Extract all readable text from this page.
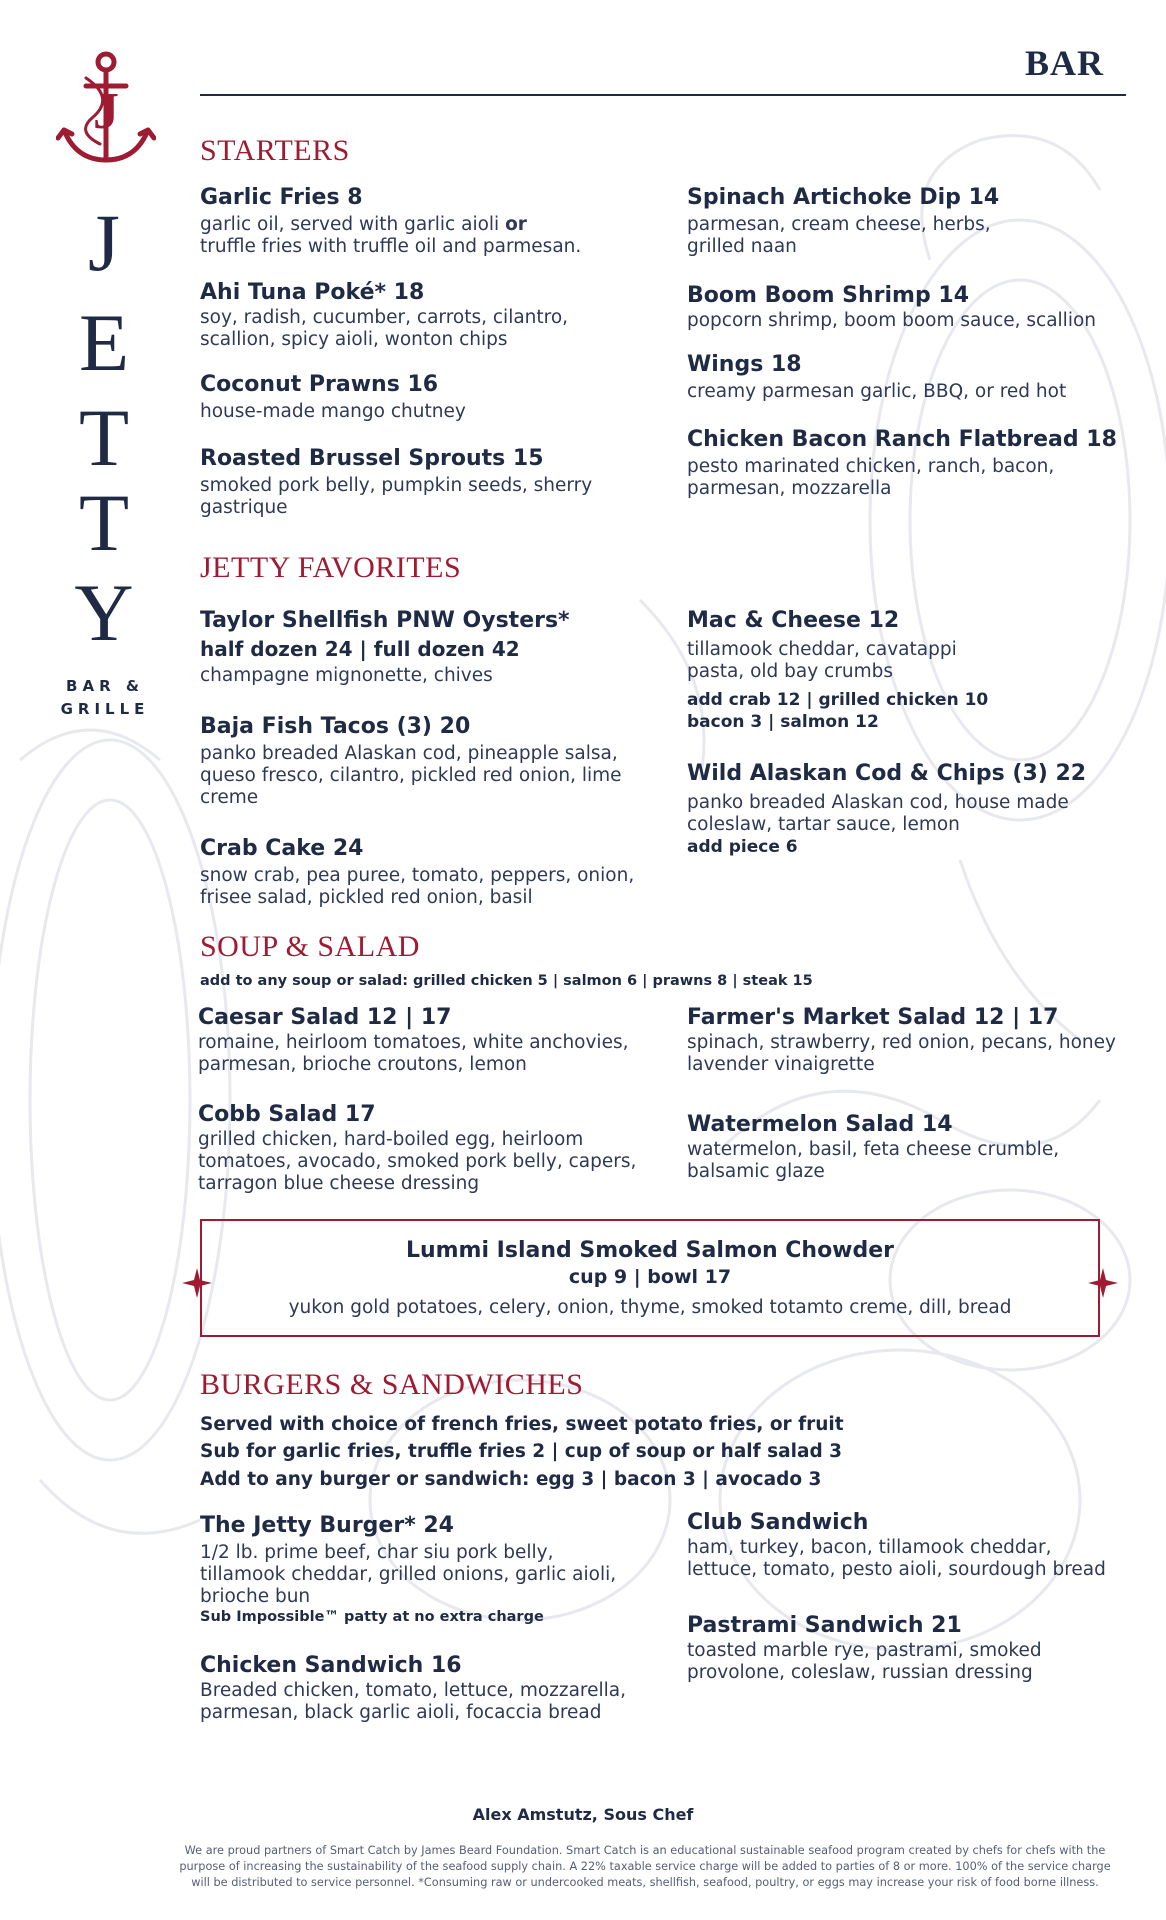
J
J
E
T
T
Y
BAR &
GRILLE
BAR
STARTERS
Garlic Fries 8
garlic oil, served with garlic aioli or
truffle fries with truffle oil and parmesan.
Ahi Tuna Poké* 18
soy, radish, cucumber, carrots, cilantro, scallion, spicy aioli, wonton chips
Coconut Prawns 16
house-made mango chutney
Roasted Brussel Sprouts 15
smoked pork belly, pumpkin seeds, sherry gastrique
Spinach Artichoke Dip 14
parmesan, cream cheese, herbs, grilled naan
Boom Boom Shrimp 14
popcorn shrimp, boom boom sauce, scallion
Wings 18
creamy parmesan garlic, BBQ, or red hot
Chicken Bacon Ranch Flatbread 18
pesto marinated chicken, ranch, bacon, parmesan, mozzarella
JETTY FAVORITES
Taylor Shellfish PNW Oysters*
half dozen 24 | full dozen 42
champagne mignonette, chives
Baja Fish Tacos (3) 20
panko breaded Alaskan cod, pineapple salsa, queso fresco, cilantro, pickled red onion, lime creme
Crab Cake 24
snow crab, pea puree, tomato, peppers, onion, frisee salad, pickled red onion, basil
Mac & Cheese 12
tillamook cheddar, cavatappi pasta, old bay crumbs
add crab 12 | grilled chicken 10
bacon 3 | salmon 12
Wild Alaskan Cod & Chips (3) 22
panko breaded Alaskan cod, house made coleslaw, tartar sauce, lemon
add piece 6
SOUP & SALAD
add to any soup or salad: grilled chicken 5 | salmon 6 | prawns 8 | steak 15
Caesar Salad 12 | 17
romaine, heirloom tomatoes, white anchovies, parmesan, brioche croutons, lemon
Cobb Salad 17
grilled chicken, hard-boiled egg, heirloom tomatoes, avocado, smoked pork belly, capers, tarragon blue cheese dressing
Farmer's Market Salad 12 | 17
spinach, strawberry, red onion, pecans, honey lavender vinaigrette
Watermelon Salad 14
watermelon, basil, feta cheese crumble, balsamic glaze
Lummi Island Smoked Salmon Chowder
cup 9 | bowl 17
yukon gold potatoes, celery, onion, thyme, smoked totamto creme, dill, bread
BURGERS & SANDWICHES
Served with choice of french fries, sweet potato fries, or fruit
Sub for garlic fries, truffle fries 2 | cup of soup or half salad 3
Add to any burger or sandwich: egg 3 | bacon 3 | avocado 3
The Jetty Burger* 24
1/2 lb. prime beef, char siu pork belly, tillamook cheddar, grilled onions, garlic aioli, brioche bun
Sub Impossible™ patty at no extra charge
Chicken Sandwich 16
Breaded chicken, tomato, lettuce, mozzarella, parmesan, black garlic aioli, focaccia bread
Club Sandwich
ham, turkey, bacon, tillamook cheddar, lettuce, tomato, pesto aioli, sourdough bread
Pastrami Sandwich 21
toasted marble rye, pastrami, smoked provolone, coleslaw, russian dressing
Alex Amstutz, Sous Chef
We are proud partners of Smart Catch by James Beard Foundation. Smart Catch is an educational sustainable seafood program created by chefs for chefs with the purpose of increasing the sustainability of the seafood supply chain. A 22% taxable service charge will be added to parties of 8 or more. 100% of the service charge will be distributed to service personnel. *Consuming raw or undercooked meats, shellfish, seafood, poultry, or eggs may increase your risk of food borne illness.
